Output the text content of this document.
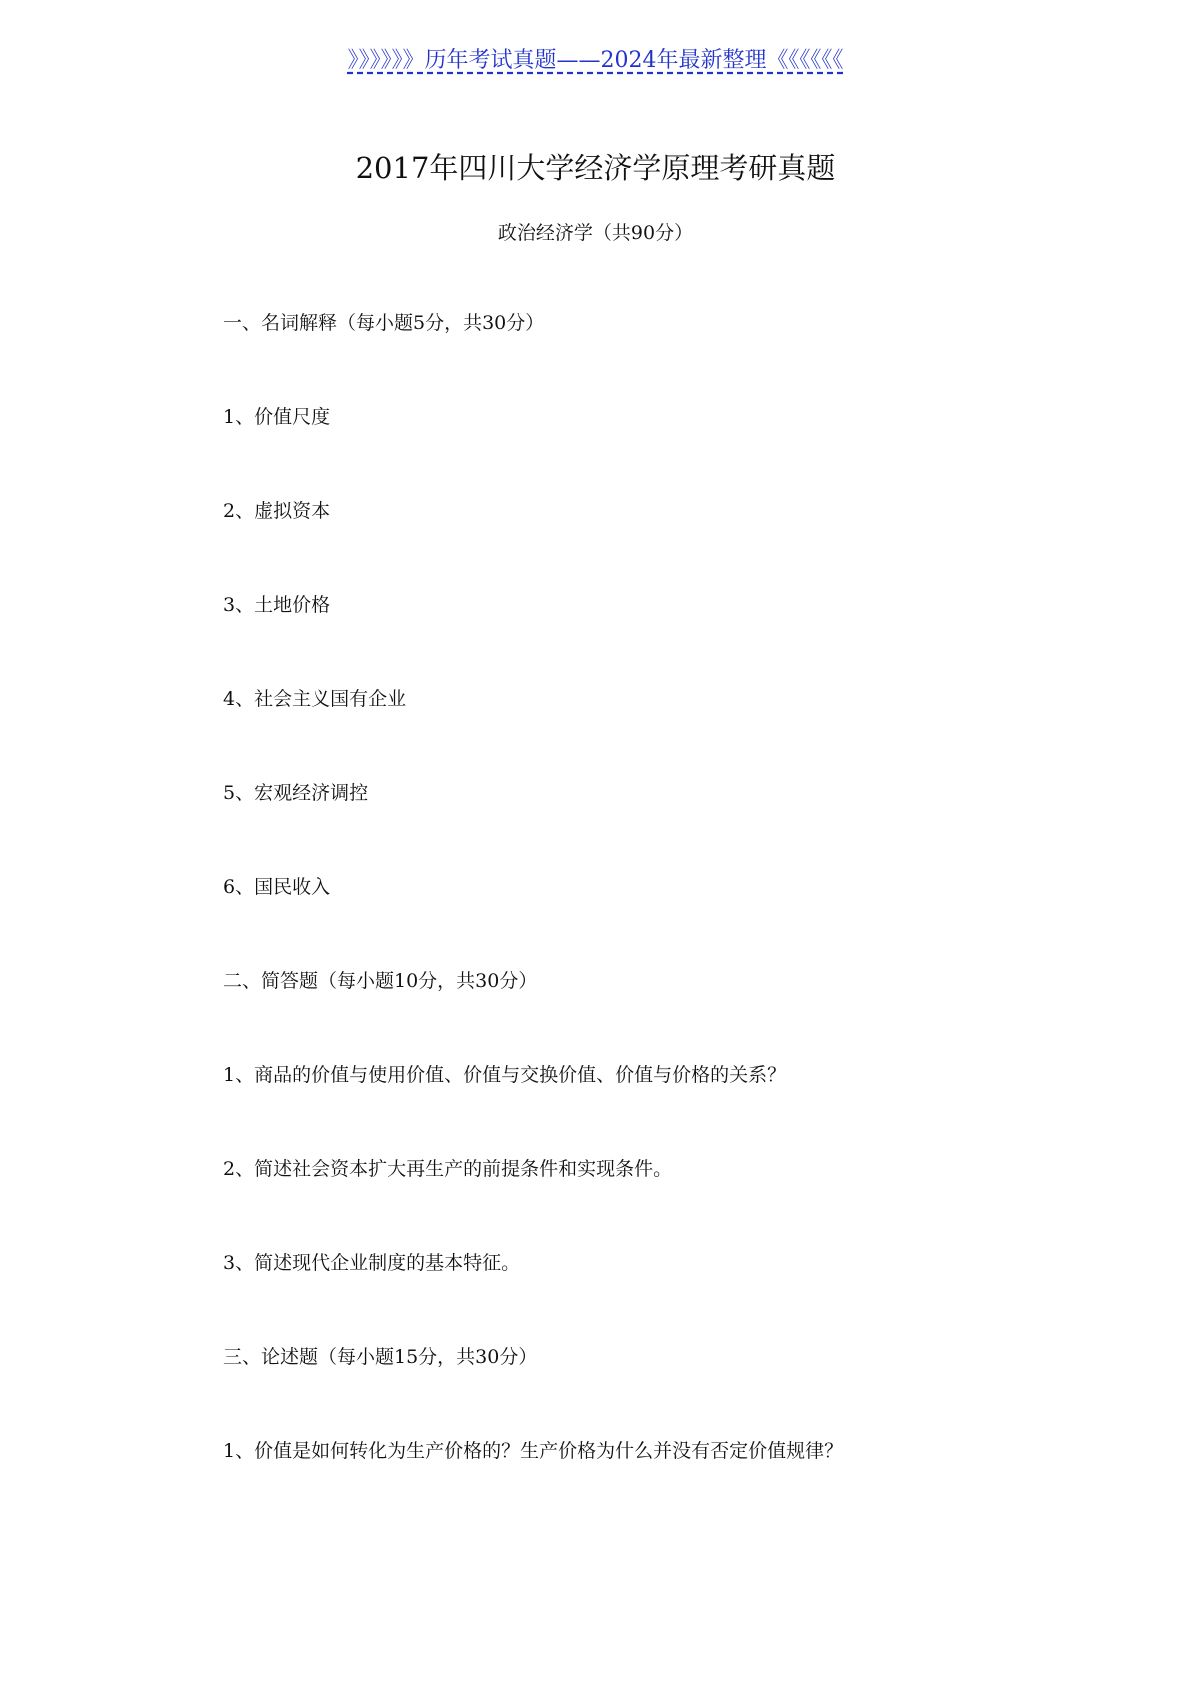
》》》》》》历年考试真题——2024年最新整理《《《《《《
2017年四川大学经济学原理考研真题
政治经济学（共90分）
一、名词解释（每小题5分，共30分）
1、价值尺度
2、虚拟资本
3、土地价格
4、社会主义国有企业
5、宏观经济调控
6、国民收入
二、简答题（每小题10分，共30分）
1、商品的价值与使用价值、价值与交换价值、价值与价格的关系？
2、简述社会资本扩大再生产的前提条件和实现条件。
3、简述现代企业制度的基本特征。
三、论述题（每小题15分，共30分）
1、价值是如何转化为生产价格的？生产价格为什么并没有否定价值规律？
